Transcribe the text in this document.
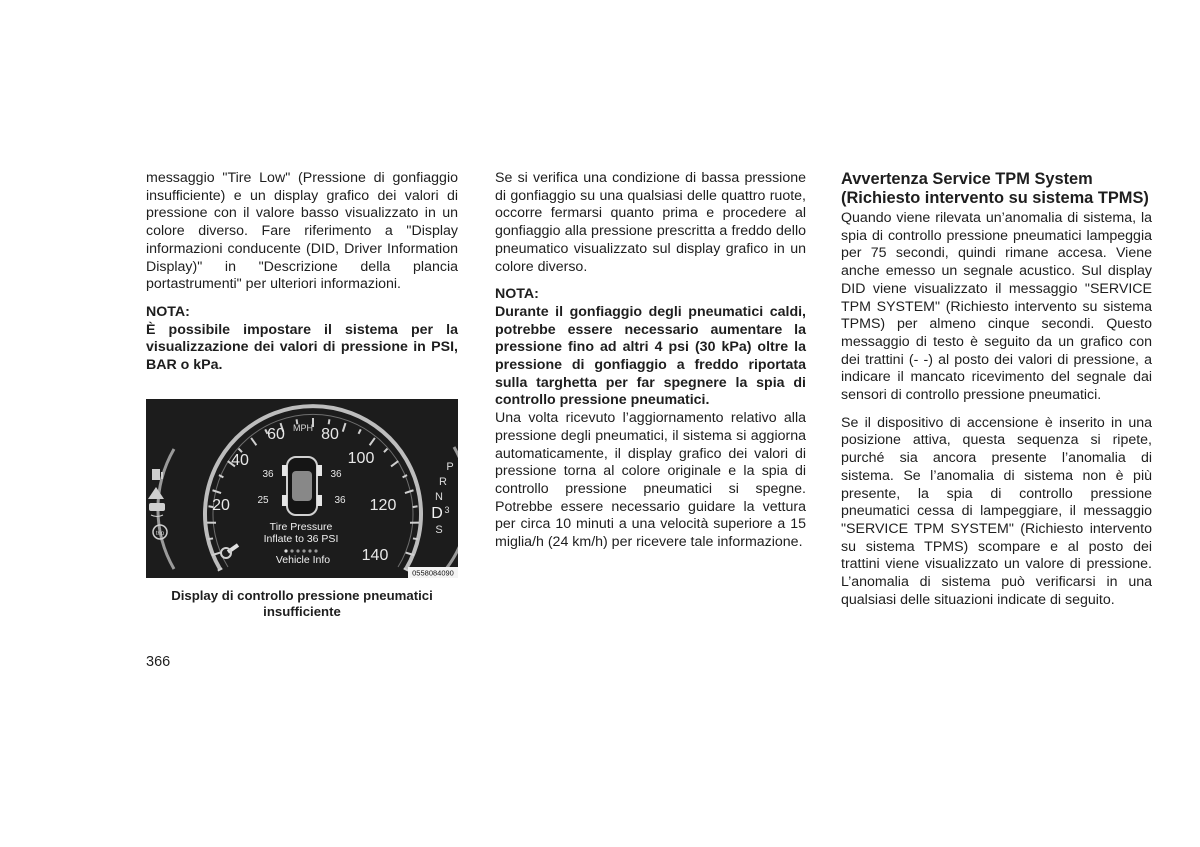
messaggio "Tire Low" (Pressione di gonfiaggio insufficiente) e un display grafico dei valori di pressione con il valore basso visualizzato in un colore diverso. Fare riferimento a "Display informazioni conducente (DID, Driver Information Display)" in "Descrizione della plancia portastrumenti" per ulteriori informazioni.

NOTA:

È possibile impostare il sistema per la visualizzazione dei valori di pressione in PSI, BAR o kPa.

trip
20
40
60 80
100
120
140
MPH
36	36
25	36
Tire Pressure
Inflate to 36 PSI
Vehicle Info
P
R
N
D 3
S
0558084090
Display di controllo pressione pneumatici insufficiente
366

Se si verifica una condizione di bassa pressione di gonfiaggio su una qualsiasi delle quattro ruote, occorre fermarsi quanto prima e procedere al gonfiaggio alla pressione prescritta a freddo dello pneumatico visualizzato sul display grafico in un colore diverso.

NOTA:

Durante il gonfiaggio degli pneumatici caldi, potrebbe essere necessario aumentare la pressione fino ad altri 4 psi (30 kPa) oltre la pressione di gonfiaggio a freddo riportata sulla targhetta per far spegnere la spia di controllo pressione pneumatici.

Una volta ricevuto l’aggiornamento relativo alla pressione degli pneumatici, il sistema si aggiorna automaticamente, il display grafico dei valori di pressione torna al colore originale e la spia di controllo pressione pneumatici si spegne. Potrebbe essere necessario guidare la vettura per circa 10 minuti a una velocità superiore a 15 miglia/h (24 km/h) per ricevere tale informazione.

Avvertenza Service TPM System (Richiesto intervento su sistema TPMS)

Quando viene rilevata un’anomalia di sistema, la spia di controllo pressione pneumatici lampeggia per 75 secondi, quindi rimane accesa. Viene anche emesso un segnale acustico. Sul display DID viene visualizzato il messaggio "SERVICE TPM SYSTEM" (Richiesto intervento su sistema TPMS) per almeno cinque secondi. Questo messaggio di testo è seguito da un grafico con dei trattini (- -) al posto dei valori di pressione, a indicare il mancato ricevimento del segnale dai sensori di controllo pressione pneumatici.

Se il dispositivo di accensione è inserito in una posizione attiva, questa sequenza si ripete, purché sia ancora presente l’anomalia di sistema. Se l’anomalia di sistema non è più presente, la spia di controllo pressione pneumatici cessa di lampeggiare, il messaggio "SERVICE TPM SYSTEM" (Richiesto intervento su sistema TPMS) scompare e al posto dei trattini viene visualizzato un valore di pressione. L’anomalia di sistema può verificarsi in una qualsiasi delle situazioni indicate di seguito.
